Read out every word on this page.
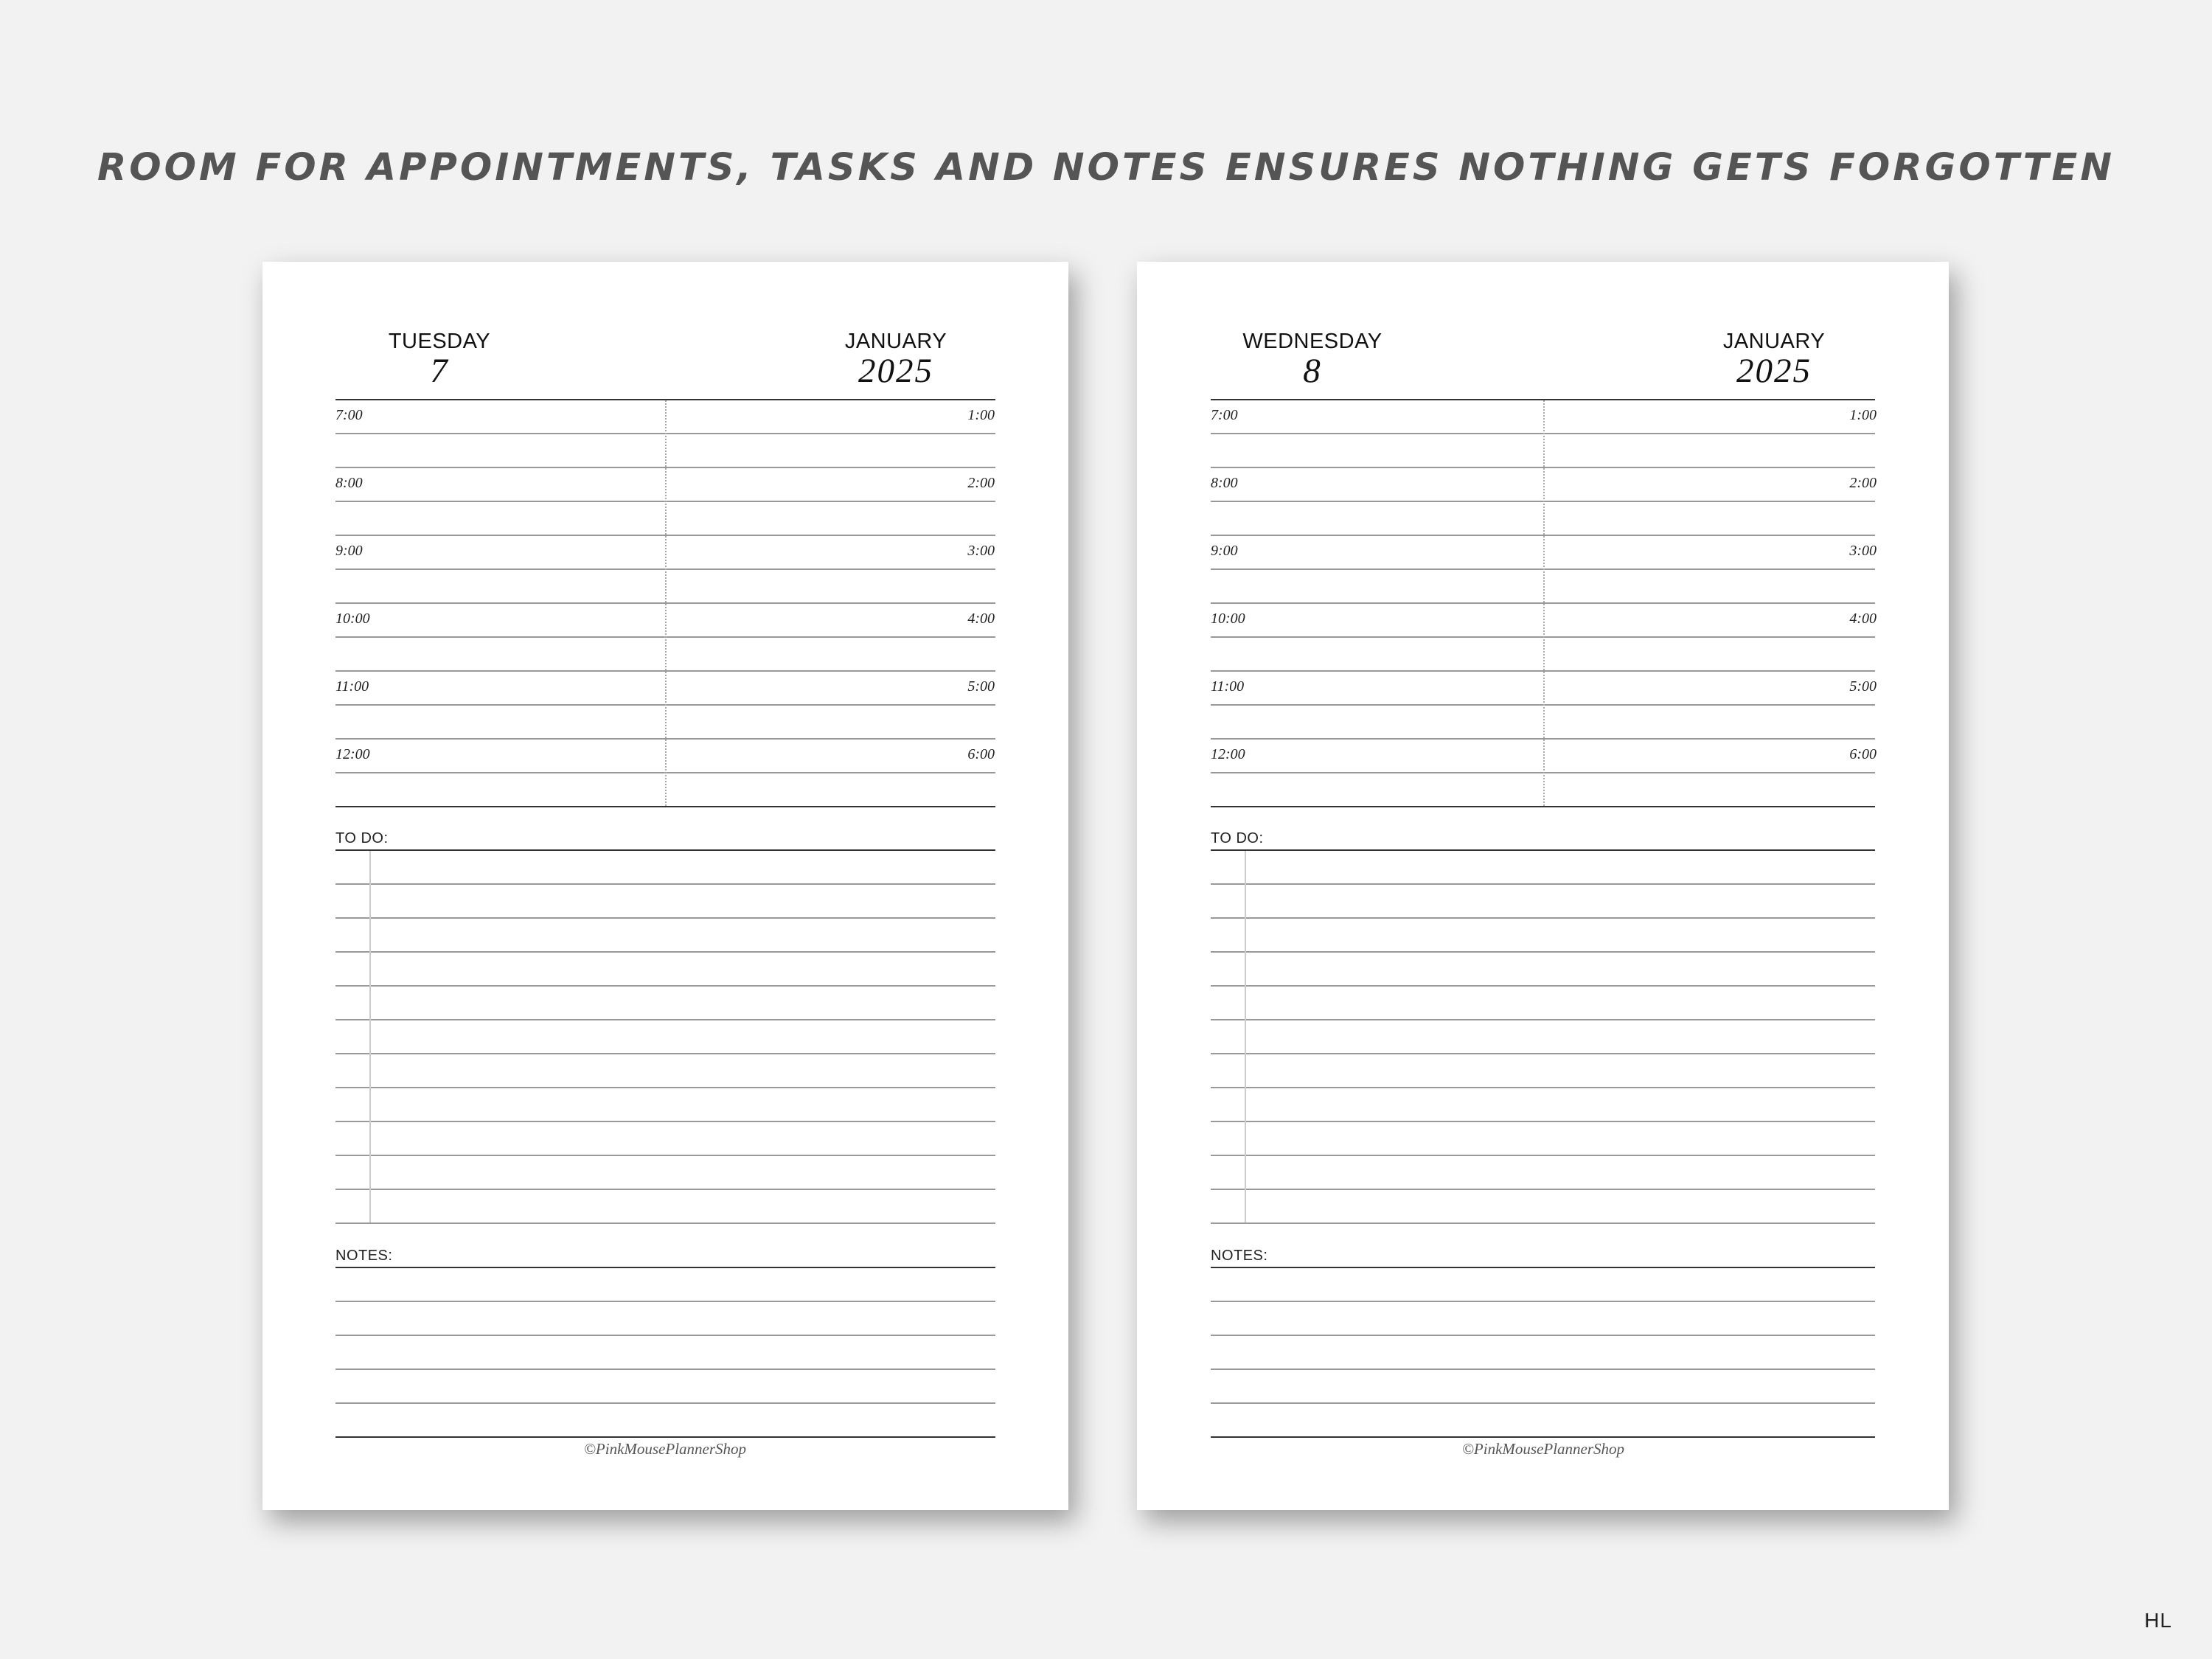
ROOM FOR APPOINTMENTS, TASKS AND NOTES ENSURES NOTHING GETS FORGOTTEN
TUESDAY
7
JANUARY
2025
7:00
8:00
9:00
10:00
11:00
12:00
1:00
2:00
3:00
4:00
5:00
6:00
TO DO:
NOTES:
©PinkMousePlannerShop
WEDNESDAY
8
JANUARY
2025
7:00
8:00
9:00
10:00
11:00
12:00
1:00
2:00
3:00
4:00
5:00
6:00
TO DO:
NOTES:
©PinkMousePlannerShop
HL
